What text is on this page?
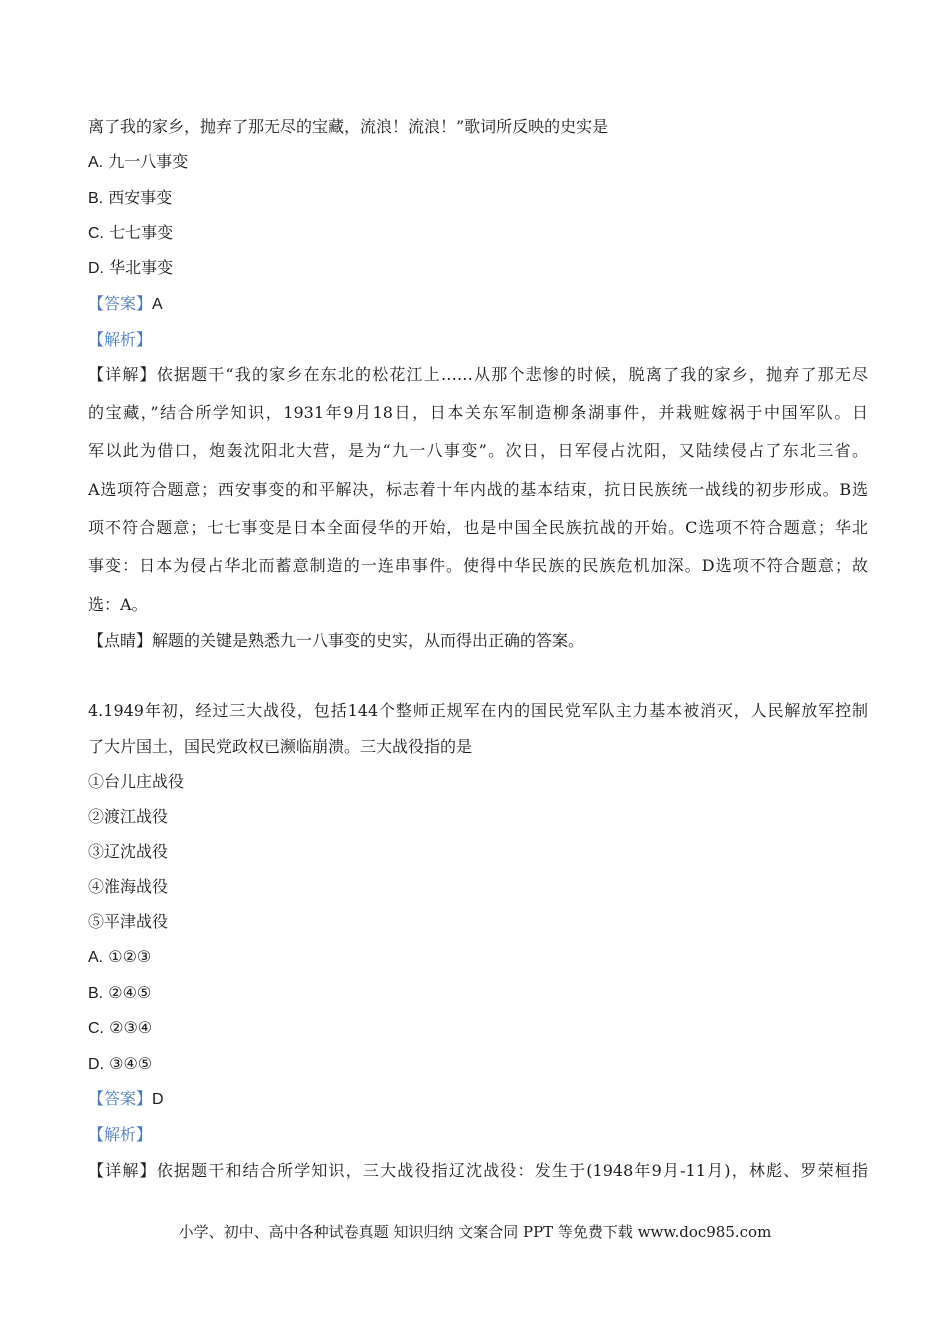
离了我的家乡，抛弃了那无尽的宝藏，流浪！流浪！”歌词所反映的史实是
A. 九一八事变
B. 西安事变
C. 七七事变
D. 华北事变
【答案】A
【解析】
【详解】依据题干“我的家乡在东北的松花江上……从那个悲惨的时候，脱离了我的家乡，抛弃了那无尽
的宝藏，”结合所学知识，1931年9月18日，日本关东军制造柳条湖事件，并栽赃嫁祸于中国军队。日
军以此为借口，炮轰沈阳北大营，是为“九一八事变”。次日，日军侵占沈阳，又陆续侵占了东北三省。
A选项符合题意；西安事变的和平解决，标志着十年内战的基本结束，抗日民族统一战线的初步形成。B选
项不符合题意；七七事变是日本全面侵华的开始，也是中国全民族抗战的开始。C选项不符合题意；华北
事变：日本为侵占华北而蓄意制造的一连串事件。使得中华民族的民族危机加深。D选项不符合题意；故
选：A。
【点睛】解题的关键是熟悉九一八事变的史实，从而得出正确的答案。
4.1949年初，经过三大战役，包括144个整师正规军在内的国民党军队主力基本被消灭，人民解放军控制
了大片国土，国民党政权已濒临崩溃。三大战役指的是
①台儿庄战役
②渡江战役
③辽沈战役
④淮海战役
⑤平津战役
A. ①②③
B. ②④⑤
C. ②③④
D. ③④⑤
【答案】D
【解析】
【详解】依据题干和结合所学知识，三大战役指辽沈战役：发生于(1948年9月-11月)，林彪、罗荣桓指
小学、初中、高中各种试卷真题 知识归纳 文案合同 PPT 等免费下载 www.doc985.com
